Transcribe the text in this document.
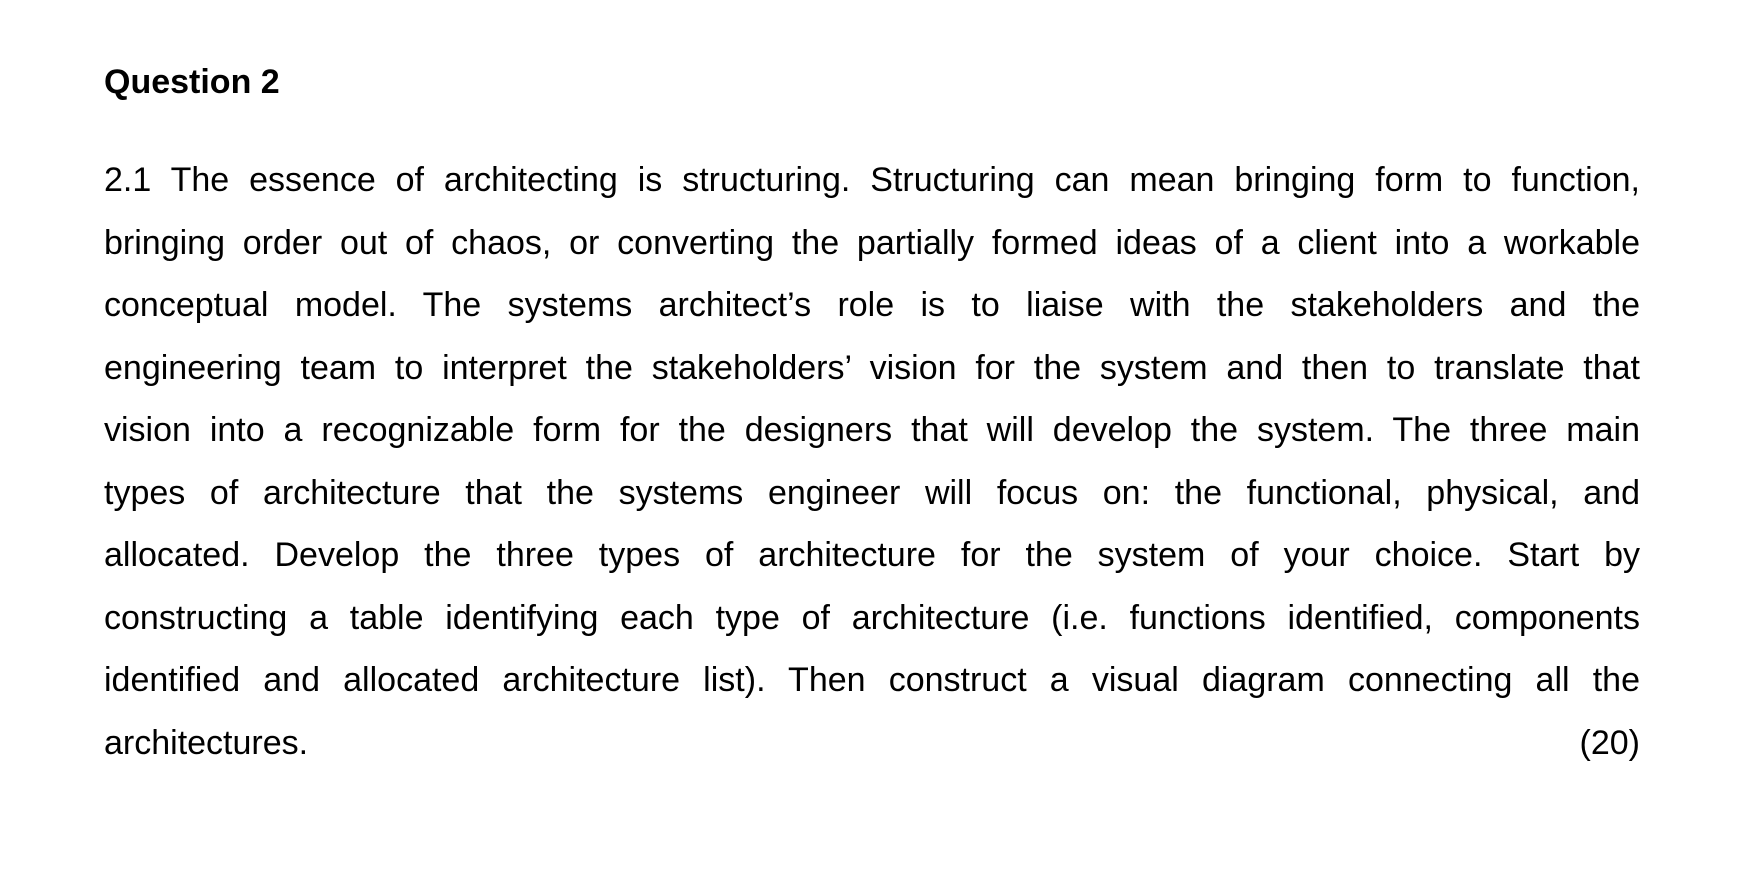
Question 2
2.1 The essence of architecting is structuring. Structuring can mean bringing form to function,
bringing order out of chaos, or converting the partially formed ideas of a client into a workable
conceptual model. The systems architect’s role is to liaise with the stakeholders and the
engineering team to interpret the stakeholders’ vision for the system and then to translate that
vision into a recognizable form for the designers that will develop the system. The three main
types of architecture that the systems engineer will focus on: the functional, physical, and
allocated. Develop the three types of architecture for the system of your choice. Start by
constructing a table identifying each type of architecture (i.e. functions identified, components
identified and allocated architecture list). Then construct a visual diagram connecting all the
architectures.	(20)
